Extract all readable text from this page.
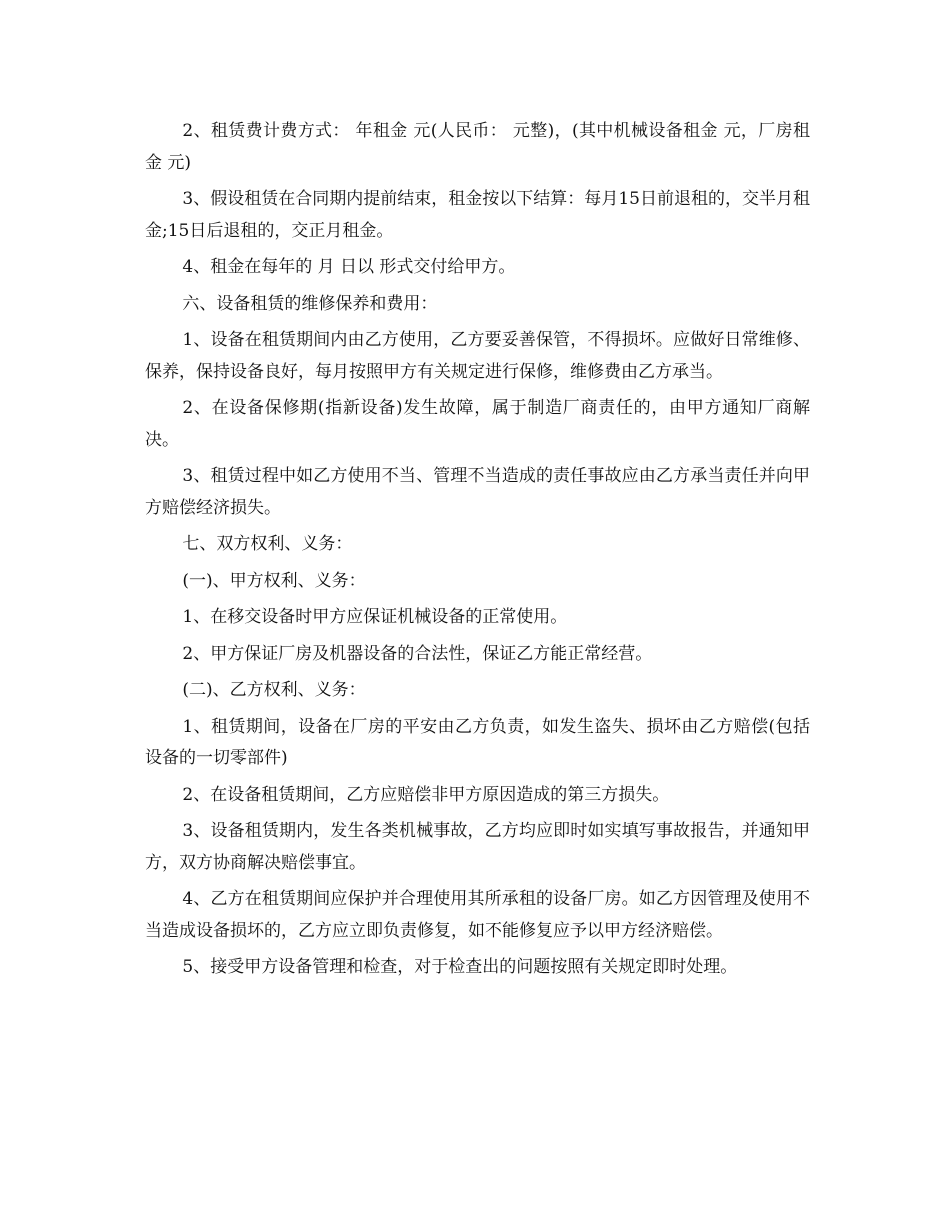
2、租赁费计费方式： 年租金 元(人民币： 元整)，(其中机械设备租金 元，厂房租金 元)

3、假设租赁在合同期内提前结束，租金按以下结算：每月15日前退租的，交半月租金;15日后退租的，交正月租金。

4、租金在每年的 月 日以 形式交付给甲方。

六、设备租赁的维修保养和费用：

1、设备在租赁期间内由乙方使用，乙方要妥善保管，不得损坏。应做好日常维修、保养，保持设备良好，每月按照甲方有关规定进行保修，维修费由乙方承当。

2、在设备保修期(指新设备)发生故障，属于制造厂商责任的，由甲方通知厂商解决。

3、租赁过程中如乙方使用不当、管理不当造成的责任事故应由乙方承当责任并向甲方赔偿经济损失。

七、双方权利、义务：

(一)、甲方权利、义务：

1、在移交设备时甲方应保证机械设备的正常使用。

2、甲方保证厂房及机器设备的合法性，保证乙方能正常经营。

(二)、乙方权利、义务：

1、租赁期间，设备在厂房的平安由乙方负责，如发生盗失、损坏由乙方赔偿(包括设备的一切零部件)

2、在设备租赁期间，乙方应赔偿非甲方原因造成的第三方损失。

3、设备租赁期内，发生各类机械事故，乙方均应即时如实填写事故报告，并通知甲方，双方协商解决赔偿事宜。

4、乙方在租赁期间应保护并合理使用其所承租的设备厂房。如乙方因管理及使用不当造成设备损坏的，乙方应立即负责修复，如不能修复应予以甲方经济赔偿。

5、接受甲方设备管理和检查，对于检查出的问题按照有关规定即时处理。
